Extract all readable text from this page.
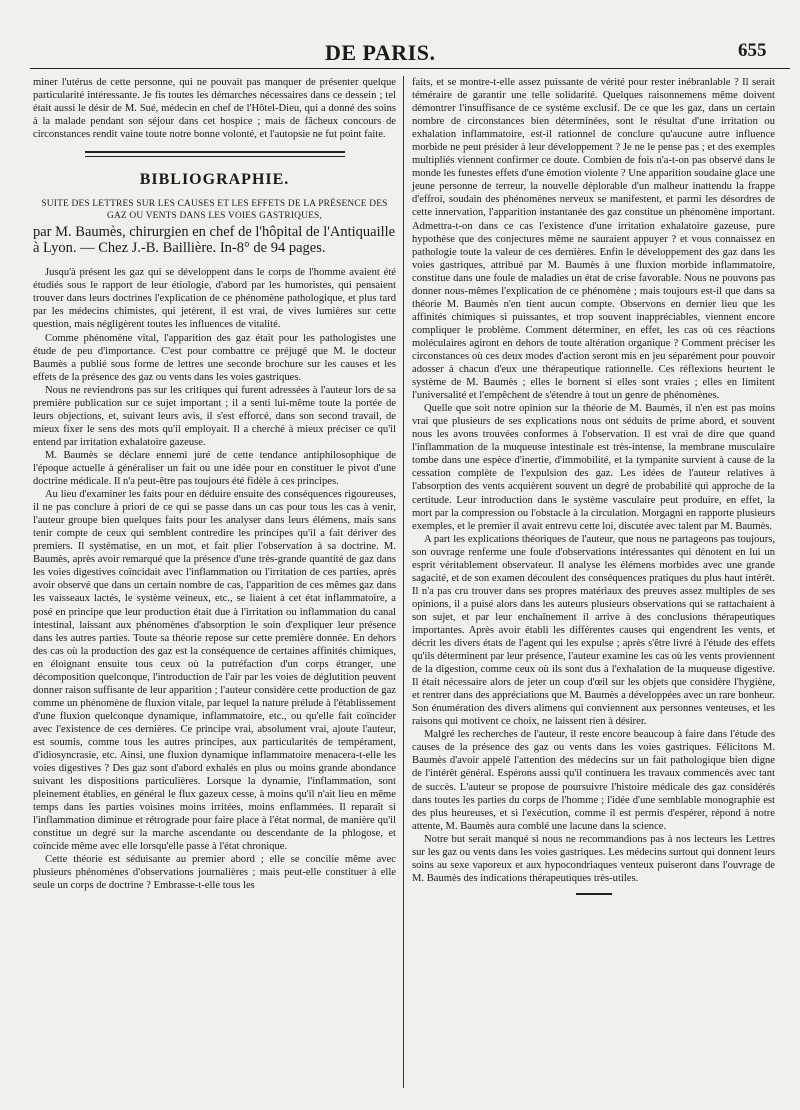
DE PARIS.	655

miner l'utérus de cette personne, qui ne pouvait pas manquer de présenter quelque particularité intéressante. Je fis toutes les démarches nécessaires dans ce dessein ; tel était aussi le désir de M. Sué, médecin en chef de l'Hôtel-Dieu, qui a donné des soins à la malade pendant son séjour dans cet hospice ; mais de fâcheux concours de circonstances rendit vaine toute notre bonne volonté, et l'autopsie ne fut point faite.

BIBLIOGRAPHIE.
SUITE DES LETTRES SUR LES CAUSES ET LES EFFETS DE LA PRÉSENCE DES GAZ OU VENTS DANS LES VOIES GASTRIQUES,
par M. Baumès, chirurgien en chef de l'hôpital de l'Antiquaille à Lyon. — Chez J.-B. Baillière. In-8° de 94 pages.

Jusqu'à présent les gaz qui se développent dans le corps de l'homme avaient été étudiés sous le rapport de leur étiologie, d'abord par les humoristes, qui pensaient trouver dans leurs doctrines l'explication de ce phénomène pathologique, et plus tard par les médecins chimistes, qui jetèrent, il est vrai, de vives lumières sur cette question, mais négligèrent toutes les influences de vitalité.

Comme phénomène vital, l'apparition des gaz était pour les pathologistes une étude de peu d'importance. C'est pour combattre ce préjugé que M. le docteur Baumès a publié sous forme de lettres une seconde brochure sur les causes et les effets de la présence des gaz ou vents dans les voies gastriques.

Nous ne reviendrons pas sur les critiques qui furent adressées à l'auteur lors de sa première publication sur ce sujet important ; il a senti lui-même toute la portée de leurs objections, et, suivant leurs avis, il s'est efforcé, dans son second travail, de mieux fixer le sens des mots qu'il employait. Il a cherché à mieux préciser ce qu'il entend par irritation exhalatoire gazeuse.

M. Baumès se déclare ennemi juré de cette tendance antiphilosophique de l'époque actuelle à généraliser un fait ou une idée pour en constituer le pivot d'une doctrine médicale. Il n'a peut-être pas toujours été fidèle à ces principes.

Au lieu d'examiner les faits pour en déduire ensuite des conséquences rigoureuses, il ne pas conclure à priori de ce qui se passe dans un cas pour tous les cas à venir, l'auteur groupe bien quelques faits pour les analyser dans leurs élémens, mais sans tenir compte de ceux qui semblent contredire les principes qu'il a fait dériver des premiers. Il systématise, en un mot, et fait plier l'observation à sa doctrine. M. Baumès, après avoir remarqué que la présence d'une très-grande quantité de gaz dans les voies digestives coïncidait avec l'inflammation ou l'irritation de ces parties, après avoir observé que dans un certain nombre de cas, l'apparition de ces mêmes gaz dans les vaisseaux lactés, le système veineux, etc., se liaient à cet état inflammatoire, a posé en principe que leur production était due à l'irritation ou inflammation du canal intestinal, laissant aux phénomènes d'absorption le soin d'expliquer leur présence dans les autres parties. Toute sa théorie repose sur cette première donnée. En dehors des cas où la production des gaz est la conséquence de certaines affinités chimiques, en éloignant ensuite tous ceux où la putréfaction d'un corps étranger, une décomposition quelconque, l'introduction de l'air par les voies de déglutition peuvent donner raison suffisante de leur apparition ; l'auteur considère cette production de gaz comme un phénomène de fluxion vitale, par lequel la nature prélude à l'établissement d'une fluxion quelconque dynamique, inflammatoire, etc., ou qu'elle fait coïncider avec l'existence de ces dernières. Ce principe vrai, absolument vrai, ajoute l'auteur, est soumis, comme tous les autres principes, aux particularités de tempérament, d'idiosyncrasie, etc. Ainsi, une fluxion dynamique inflammatoire menacera-t-elle les voies digestives ? Des gaz sont d'abord exhalés en plus ou moins grande abondance suivant les dispositions particulières. Lorsque la dynamie, l'inflammation, sont pleinement établies, en général le flux gazeux cesse, à moins qu'il n'ait lieu en même temps dans les parties voisines moins irritées, moins enflammées. Il reparaît si l'inflammation diminue et rétrograde pour faire place à l'état normal, de manière qu'il constitue un degré sur la marche ascendante ou descendante de la phlogose, et coïncide même avec elle lorsqu'elle passe à l'état chronique.

Cette théorie est séduisante au premier abord ; elle se concilie même avec plusieurs phénomènes d'observations journalières ; mais peut-elle constituer à elle seule un corps de doctrine ? Embrasse-t-elle tous les

faits, et se montre-t-elle assez puissante de vérité pour rester inébranlable ? Il serait téméraire de garantir une telle solidarité. Quelques raisonnemens même doivent démontrer l'insuffisance de ce système exclusif. De ce que les gaz, dans un certain nombre de circonstances bien déterminées, sont le résultat d'une irritation ou exhalation inflammatoire, est-il rationnel de conclure qu'aucune autre influence morbide ne peut présider à leur développement ? Je ne le pense pas ; et des exemples multipliés viennent confirmer ce doute. Combien de fois n'a-t-on pas observé dans le monde les funestes effets d'une émotion violente ? Une apparition soudaine glace une jeune personne de terreur, la nouvelle déplorable d'un malheur inattendu la frappe d'effroi, soudain des phénomènes nerveux se manifestent, et parmi les désordres de cette innervation, l'apparition instantanée des gaz constitue un phénomène important. Admettra-t-on dans ce cas l'existence d'une irritation exhalatoire gazeuse, pure hypothèse que des conjectures même ne sauraient appuyer ? et vous connaissez en pathologie toute la valeur de ces dernières. Enfin le développement des gaz dans les voies gastriques, attribué par M. Baumès à une fluxion morbide inflammatoire, constitue dans une foule de maladies un état de crise favorable. Nous ne pouvons pas donner nous-mêmes l'explication de ce phénomène ; mais toujours est-il que dans sa théorie M. Baumès n'en tient aucun compte. Observons en dernier lieu que les affinités chimiques si puissantes, et trop souvent inappréciables, viennent encore compliquer le problème. Comment déterminer, en effet, les cas où ces réactions moléculaires agiront en dehors de toute altération organique ? Comment préciser les circonstances où ces deux modes d'action seront mis en jeu séparément pour pouvoir adosser à chacun d'eux une thérapeutique rationnelle. Ces réflexions heurtent le système de M. Baumès ; elles le bornent si elles sont vraies ; elles en limitent l'universalité et l'empêchent de s'étendre à tout un genre de phénomènes.

Quelle que soit notre opinion sur la théorie de M. Baumès, il n'en est pas moins vrai que plusieurs de ses explications nous ont séduits de prime abord, et souvent nous les avons trouvées conformes à l'observation. Il est vrai de dire que quand l'inflammation de la muqueuse intestinale est très-intense, la membrane musculaire tombe dans une espèce d'inertie, d'immobilité, et la tympanite survient à cause de la cessation complète de l'expulsion des gaz. Les idées de l'auteur relatives à l'absorption des vents acquièrent souvent un degré de probabilité qui approche de la certitude. Leur introduction dans le système vasculaire peut produire, en effet, la mort par la compression ou l'obstacle à la circulation. Morgagni en rapporte plusieurs exemples, et le premier il avait entrevu cette loi, discutée avec talent par M. Baumès.

A part les explications théoriques de l'auteur, que nous ne partageons pas toujours, son ouvrage renferme une foule d'observations intéressantes qui dénotent en lui un esprit véritablement observateur. Il analyse les élémens morbides avec une grande sagacité, et de son examen découlent des conséquences pratiques du plus haut intérêt. Il n'a pas cru trouver dans ses propres matériaux des preuves assez multiples de ses opinions, il a puisé alors dans les auteurs plusieurs observations qui se rattachaient à son sujet, et par leur enchaînement il arrive à des conclusions thérapeutiques importantes. Après avoir établi les différentes causes qui engendrent les vents, et décrit les divers états de l'agent qui les expulse ; après s'être livré à l'étude des effets qu'ils déterminent par leur présence, l'auteur examine les cas où les vents proviennent de la digestion, comme ceux où ils sont dus à l'exhalation de la muqueuse digestive. Il était nécessaire alors de jeter un coup d'œil sur les objets que considère l'hygiène, et rentrer dans des appréciations que M. Baumès a développées avec un rare bonheur. Son énumération des divers alimens qui conviennent aux personnes venteuses, et les raisons qui motivent ce choix, ne laissent rien à désirer.

Malgré les recherches de l'auteur, il reste encore beaucoup à faire dans l'étude des causes de la présence des gaz ou vents dans les voies gastriques. Félicitons M. Baumès d'avoir appelé l'attention des médecins sur un fait pathologique bien digne de l'intérêt général. Espérons aussi qu'il continuera les travaux commencés avec tant de succès. L'auteur se propose de poursuivre l'histoire médicale des gaz considérés dans toutes les parties du corps de l'homme ; l'idée d'une semblable monographie est des plus heureuses, et si l'exécution, comme il est permis d'espérer, répond à notre attente, M. Baumès aura comblé une lacune dans la science.

Notre but serait manqué si nous ne recommandions pas à nos lecteurs les Lettres sur les gaz ou vents dans les voies gastriques. Les médecins surtout qui donnent leurs soins au sexe vaporeux et aux hypocondriaques venteux puiseront dans l'ouvrage de M. Baumès des indications thérapeutiques très-utiles.
